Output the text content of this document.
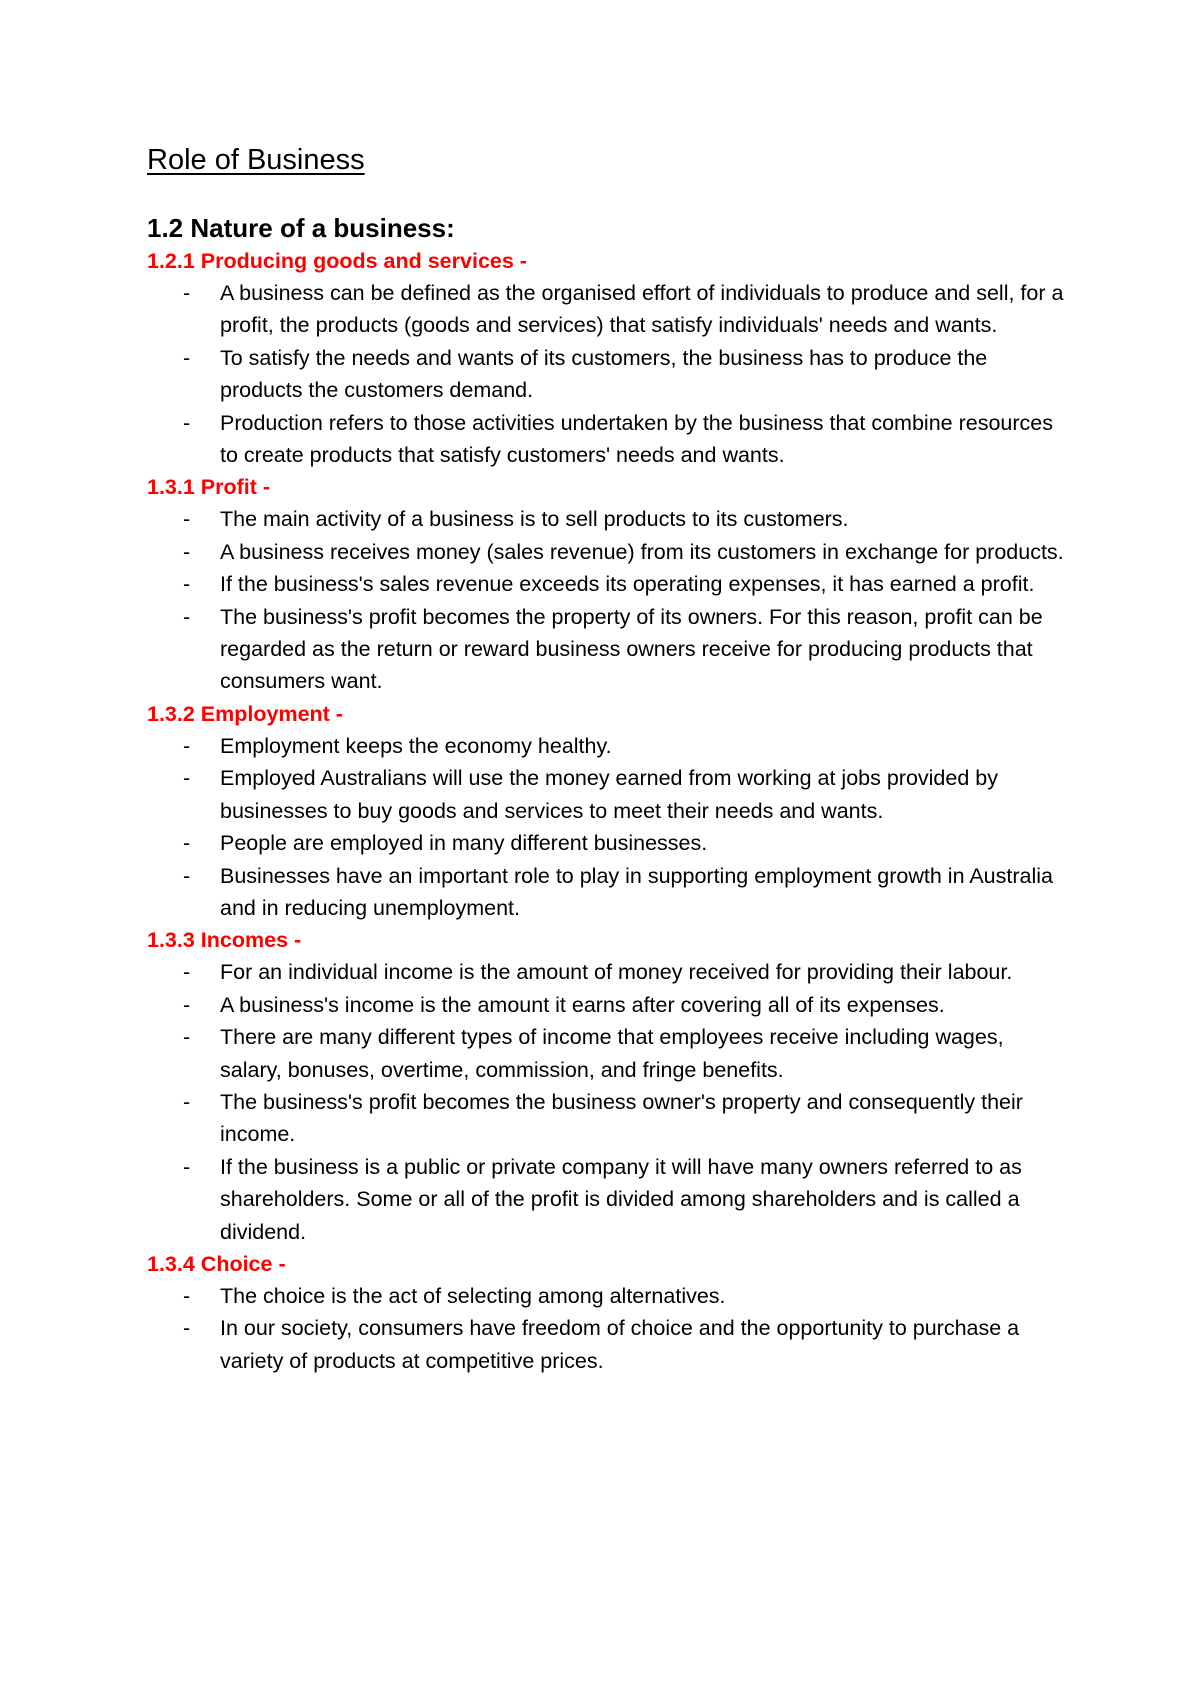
Role of Business
1.2 Nature of a business:
1.2.1 Producing goods and services -
- A business can be defined as the organised effort of individuals to produce and sell, for a profit, the products (goods and services) that satisfy individuals' needs and wants.
- To satisfy the needs and wants of its customers, the business has to produce the products the customers demand.
- Production refers to those activities undertaken by the business that combine resources to create products that satisfy customers' needs and wants.
1.3.1 Profit -
- The main activity of a business is to sell products to its customers.
- A business receives money (sales revenue) from its customers in exchange for products.
- If the business's sales revenue exceeds its operating expenses, it has earned a profit.
- The business's profit becomes the property of its owners. For this reason, profit can be regarded as the return or reward business owners receive for producing products that consumers want.
1.3.2 Employment -
- Employment keeps the economy healthy.
- Employed Australians will use the money earned from working at jobs provided by businesses to buy goods and services to meet their needs and wants.
- People are employed in many different businesses.
- Businesses have an important role to play in supporting employment growth in Australia and in reducing unemployment.
1.3.3 Incomes -
- For an individual income is the amount of money received for providing their labour.
- A business's income is the amount it earns after covering all of its expenses.
- There are many different types of income that employees receive including wages, salary, bonuses, overtime, commission, and fringe benefits.
- The business's profit becomes the business owner's property and consequently their income.
- If the business is a public or private company it will have many owners referred to as shareholders. Some or all of the profit is divided among shareholders and is called a dividend.
1.3.4 Choice -
- The choice is the act of selecting among alternatives.
- In our society, consumers have freedom of choice and the opportunity to purchase a variety of products at competitive prices.
